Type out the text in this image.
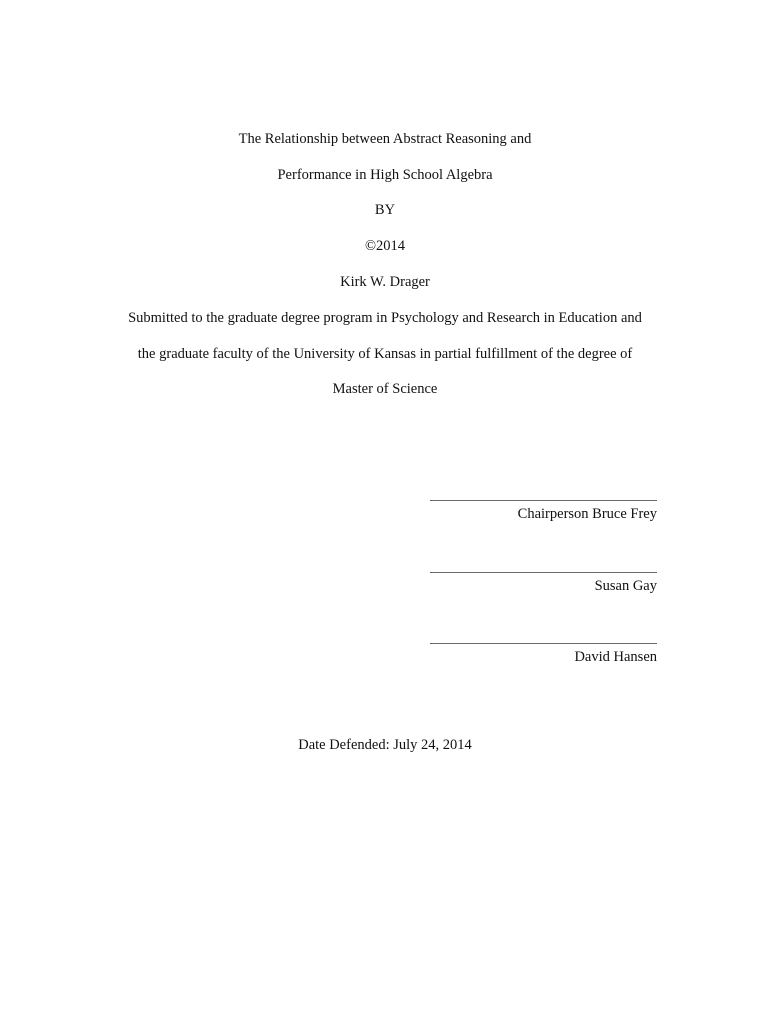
The Relationship between Abstract Reasoning and
Performance in High School Algebra
BY
©2014
Kirk W. Drager
Submitted to the graduate degree program in Psychology and Research in Education and
the graduate faculty of the University of Kansas in partial fulfillment of the degree of
Master of Science
Chairperson Bruce Frey
Susan Gay
David Hansen
Date Defended: July 24, 2014
